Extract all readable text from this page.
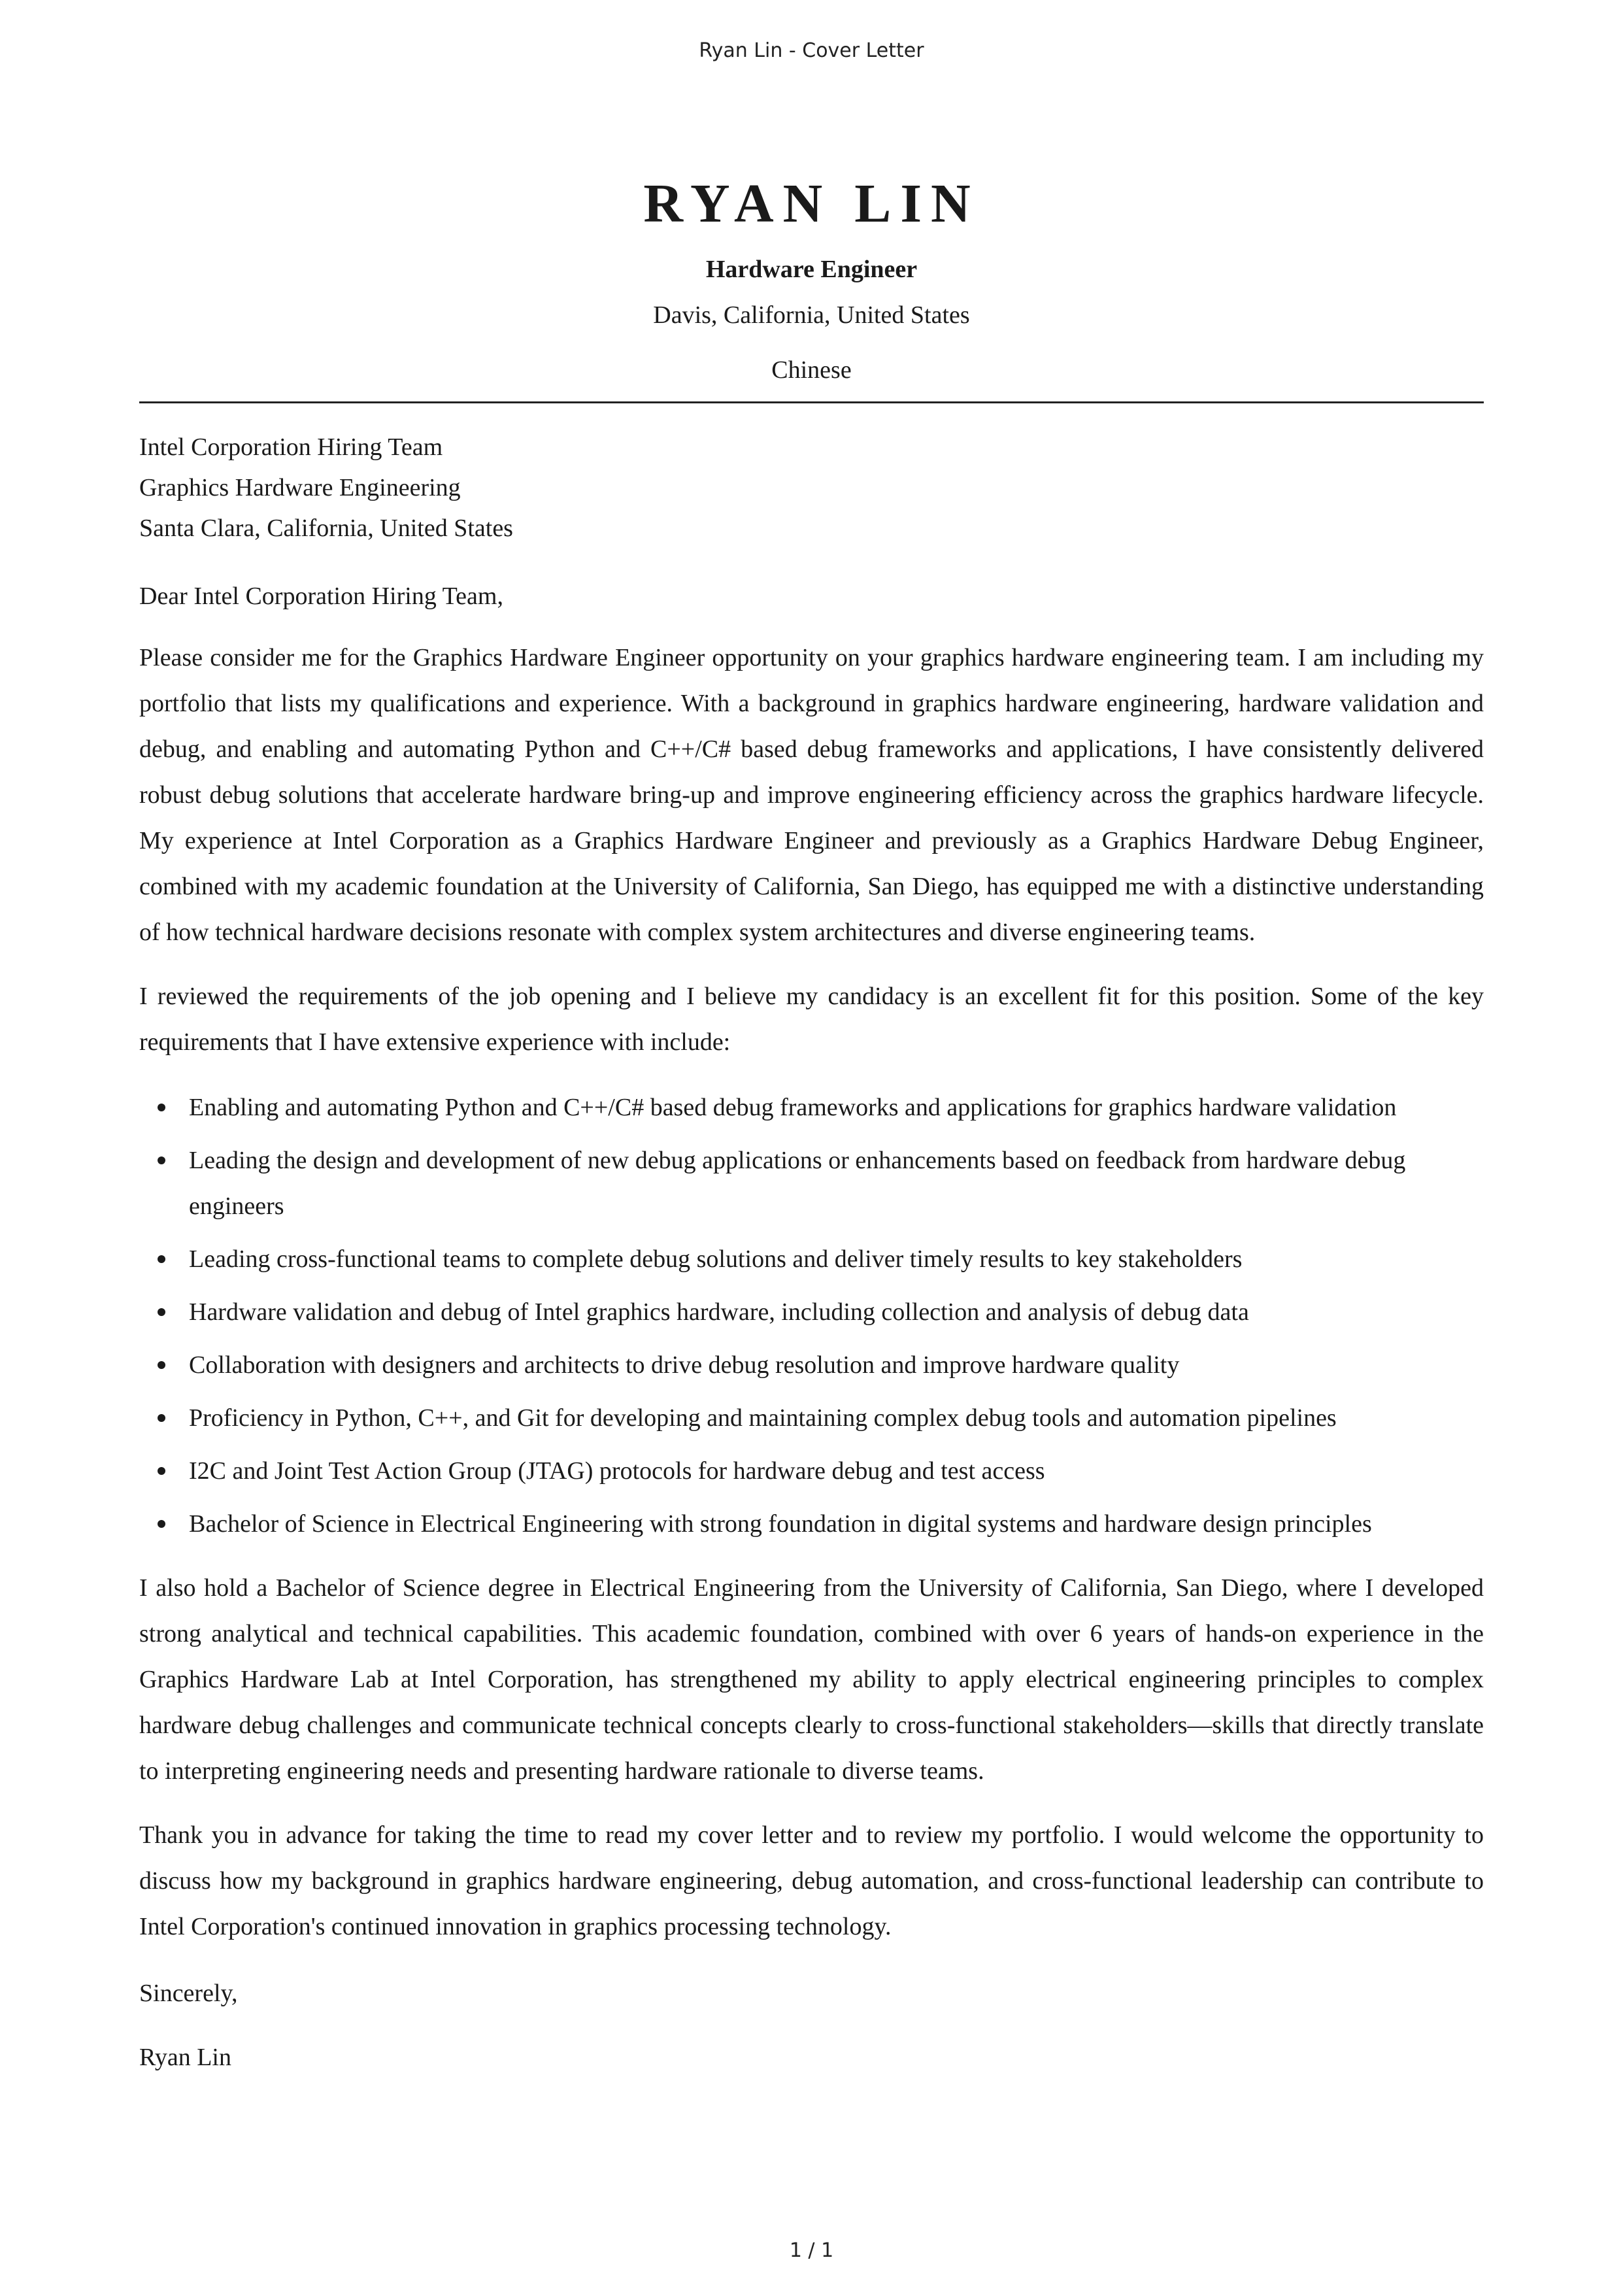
Ryan Lin - Cover Letter
RYAN LIN
Hardware Engineer
Davis, California, United States
Chinese
Intel Corporation Hiring Team
Graphics Hardware Engineering
Santa Clara, California, United States
Dear Intel Corporation Hiring Team,

Please consider me for the Graphics Hardware Engineer opportunity on your graphics hardware engineering team. I am including my portfolio that lists my qualifications and experience. With a background in graphics hardware engineering, hardware validation and debug, and enabling and automating Python and C++/C# based debug frameworks and applications, I have consistently delivered robust debug solutions that accelerate hardware bring-up and improve engineering efficiency across the graphics hardware lifecycle. My experience at Intel Corporation as a Graphics Hardware Engineer and previously as a Graphics Hardware Debug Engineer, combined with my academic foundation at the University of California, San Diego, has equipped me with a distinctive understanding of how technical hardware decisions resonate with complex system architectures and diverse engineering teams.

I reviewed the requirements of the job opening and I believe my candidacy is an excellent fit for this position. Some of the key requirements that I have extensive experience with include:

Enabling and automating Python and C++/C# based debug frameworks and applications for graphics hardware validation
Leading the design and development of new debug applications or enhancements based on feedback from hardware debug engineers
Leading cross-functional teams to complete debug solutions and deliver timely results to key stakeholders
Hardware validation and debug of Intel graphics hardware, including collection and analysis of debug data
Collaboration with designers and architects to drive debug resolution and improve hardware quality
Proficiency in Python, C++, and Git for developing and maintaining complex debug tools and automation pipelines
I2C and Joint Test Action Group (JTAG) protocols for hardware debug and test access
Bachelor of Science in Electrical Engineering with strong foundation in digital systems and hardware design principles

I also hold a Bachelor of Science degree in Electrical Engineering from the University of California, San Diego, where I developed strong analytical and technical capabilities. This academic foundation, combined with over 6 years of hands-on experience in the Graphics Hardware Lab at Intel Corporation, has strengthened my ability to apply electrical engineering principles to complex hardware debug challenges and communicate technical concepts clearly to cross-functional stakeholders—skills that directly translate to interpreting engineering needs and presenting hardware rationale to diverse teams.

Thank you in advance for taking the time to read my cover letter and to review my portfolio. I would welcome the opportunity to discuss how my background in graphics hardware engineering, debug automation, and cross-functional leadership can contribute to Intel Corporation's continued innovation in graphics processing technology.

Sincerely,
Ryan Lin
1 / 1
